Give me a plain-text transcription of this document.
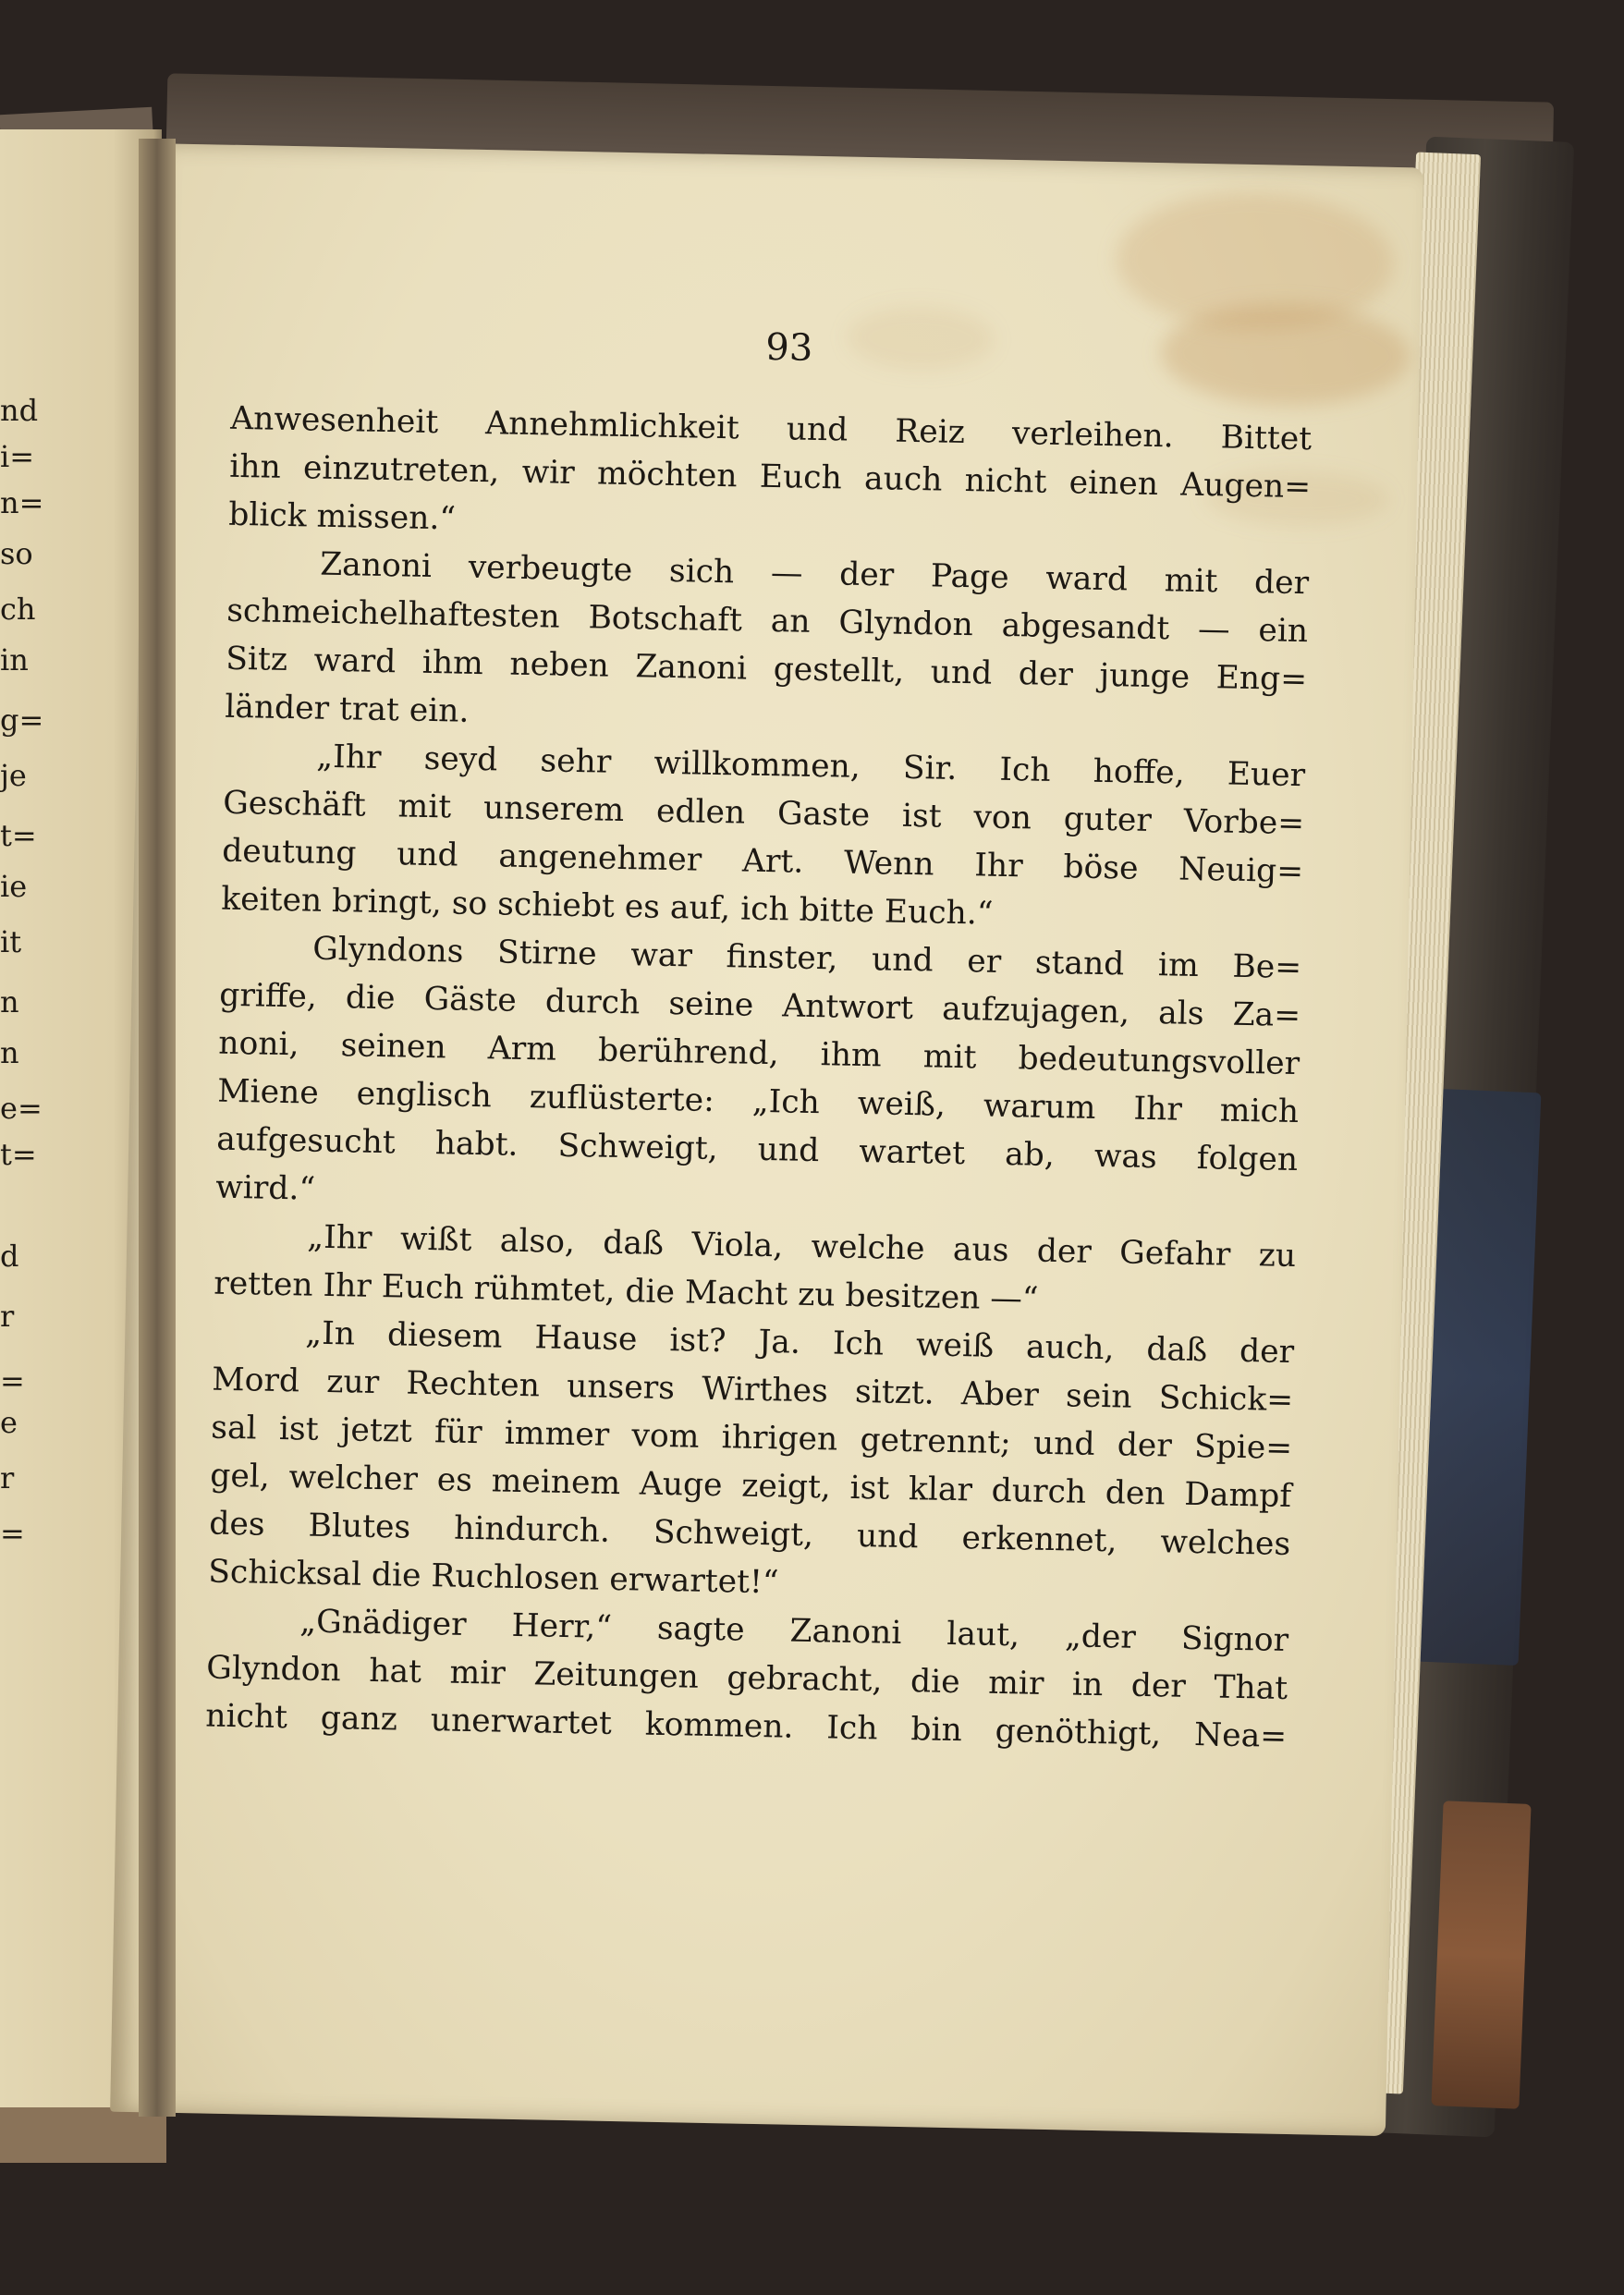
nd
i=
n=
so
ch
in
g=
je
t=
ie
it
n
n
e=
t=
d
r
=
e
r
=
93
Anwesenheit Annehmlichkeit und Reiz verleihen. Bittet
ihn einzutreten, wir möchten Euch auch nicht einen Augen=
blick missen.“
Zanoni verbeugte sich — der Page ward mit der
schmeichelhaftesten Botschaft an Glyndon abgesandt — ein
Sitz ward ihm neben Zanoni gestellt, und der junge Eng=
länder trat ein.
„Ihr seyd sehr willkommen, Sir. Ich hoffe, Euer
Geschäft mit unserem edlen Gaste ist von guter Vorbe=
deutung und angenehmer Art. Wenn Ihr böse Neuig=
keiten bringt, so schiebt es auf, ich bitte Euch.“
Glyndons Stirne war finster, und er stand im Be=
griffe, die Gäste durch seine Antwort aufzujagen, als Za=
noni, seinen Arm berührend, ihm mit bedeutungsvoller
Miene englisch zuflüsterte: „Ich weiß, warum Ihr mich
aufgesucht habt. Schweigt, und wartet ab, was folgen
wird.“
„Ihr wißt also, daß Viola, welche aus der Gefahr zu
retten Ihr Euch rühmtet, die Macht zu besitzen —“
„In diesem Hause ist? Ja. Ich weiß auch, daß der
Mord zur Rechten unsers Wirthes sitzt. Aber sein Schick=
sal ist jetzt für immer vom ihrigen getrennt; und der Spie=
gel, welcher es meinem Auge zeigt, ist klar durch den Dampf
des Blutes hindurch. Schweigt, und erkennet, welches
Schicksal die Ruchlosen erwartet!“
„Gnädiger Herr,“ sagte Zanoni laut, „der Signor
Glyndon hat mir Zeitungen gebracht, die mir in der That
nicht ganz unerwartet kommen. Ich bin genöthigt, Nea=
